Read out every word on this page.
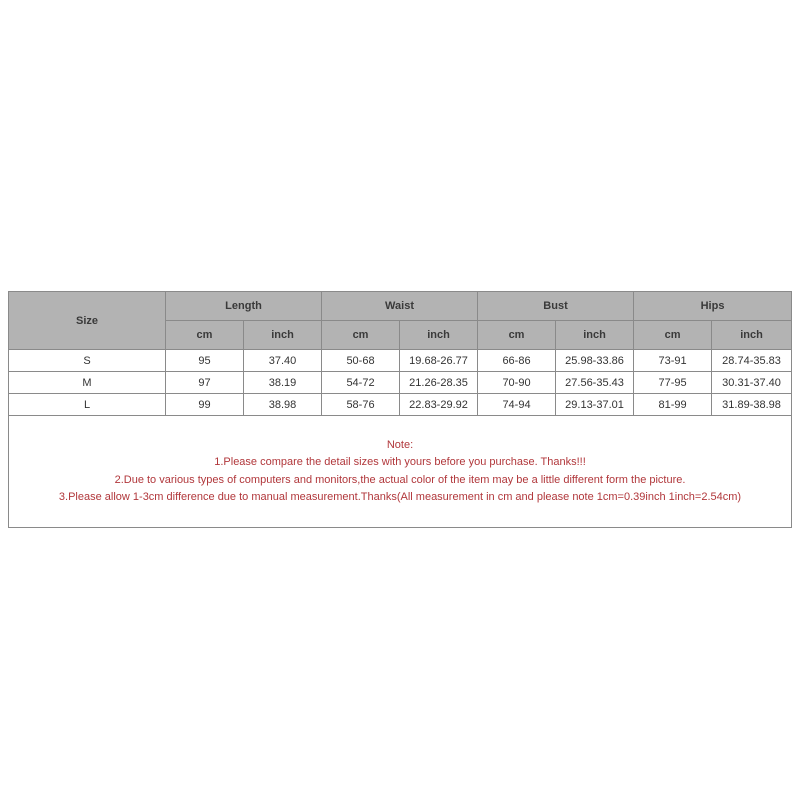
Size	Length		Waist		Bust		Hips	
	cm	inch	cm	inch	cm	inch	cm	inch
S	95	37.40	50-68	19.68-26.77	66-86	25.98-33.86	73-91	28.74-35.83
M	97	38.19	54-72	21.26-28.35	70-90	27.56-35.43	77-95	30.31-37.40
L	99	38.98	58-76	22.83-29.92	74-94	29.13-37.01	81-99	31.89-38.98

Note:
1.Please compare the detail sizes with yours before you purchase. Thanks!!!
2.Due to various types of computers and monitors,the actual color of the item may be a little different form the picture.
3.Please allow 1-3cm difference due to manual measurement.Thanks(All measurement in cm and please note 1cm=0.39inch 1inch=2.54cm)								
